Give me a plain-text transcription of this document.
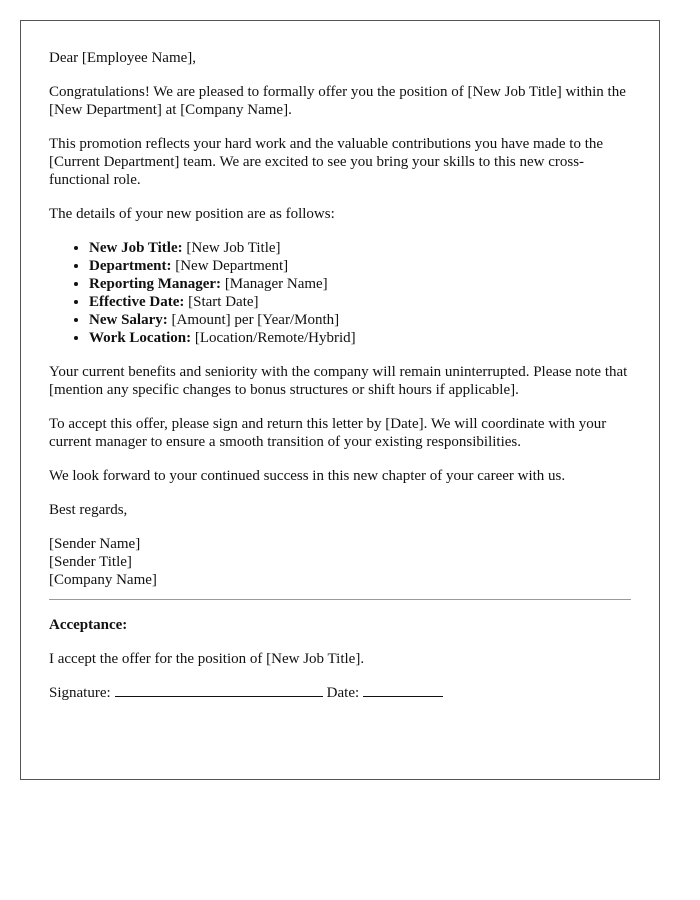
Dear [Employee Name],

Congratulations! We are pleased to formally offer you the position of [New Job Title] within the [New Department] at [Company Name].

This promotion reflects your hard work and the valuable contributions you have made to the [Current Department] team. We are excited to see you bring your skills to this new cross-functional role.

The details of your new position are as follows:

• New Job Title: [New Job Title]
• Department: [New Department]
• Reporting Manager: [Manager Name]
• Effective Date: [Start Date]
• New Salary: [Amount] per [Year/Month]
• Work Location: [Location/Remote/Hybrid]

Your current benefits and seniority with the company will remain uninterrupted. Please note that [mention any specific changes to bonus structures or shift hours if applicable].

To accept this offer, please sign and return this letter by [Date]. We will coordinate with your current manager to ensure a smooth transition of your existing responsibilities.

We look forward to your continued success in this new chapter of your career with us.

Best regards,

[Sender Name]
[Sender Title]
[Company Name]

Acceptance:

I accept the offer for the position of [New Job Title].

Signature:	Date:
